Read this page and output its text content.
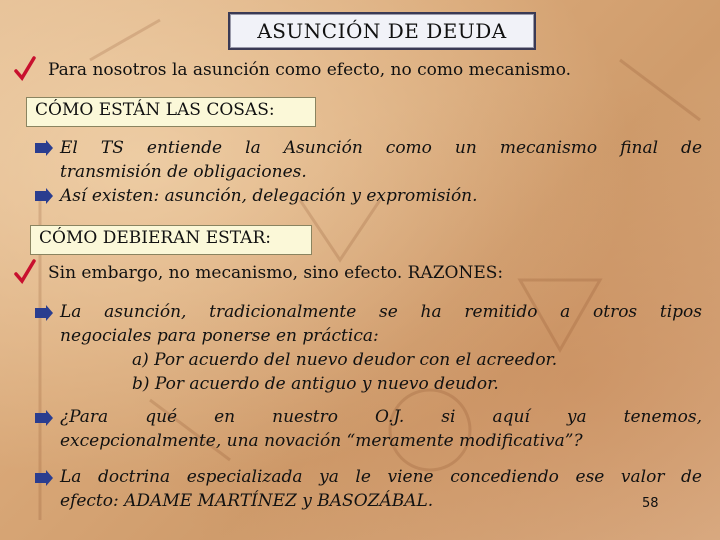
ASUNCIÓN DE DEUDA
Para nosotros la asunción como efecto, no como mecanismo.
CÓMO ESTÁN LAS COSAS:
El TS entiende la Asunción como un mecanismo final de
transmisión de obligaciones.
Así existen: asunción, delegación y expromisión.
CÓMO DEBIERAN ESTAR:
Sin embargo, no mecanismo, sino efecto. RAZONES:
La asunción, tradicionalmente se ha remitido a otros tipos
negociales para ponerse en práctica:
a) Por acuerdo del nuevo deudor con el acreedor.
b) Por acuerdo de antiguo y nuevo deudor.
¿Para qué en nuestro O.J. si aquí ya tenemos,
excepcionalmente, una novación “meramente modificativa”?
La doctrina especializada ya le viene concediendo ese valor de
efecto: ADAME MARTÍNEZ y BASOZÁBAL.	58
